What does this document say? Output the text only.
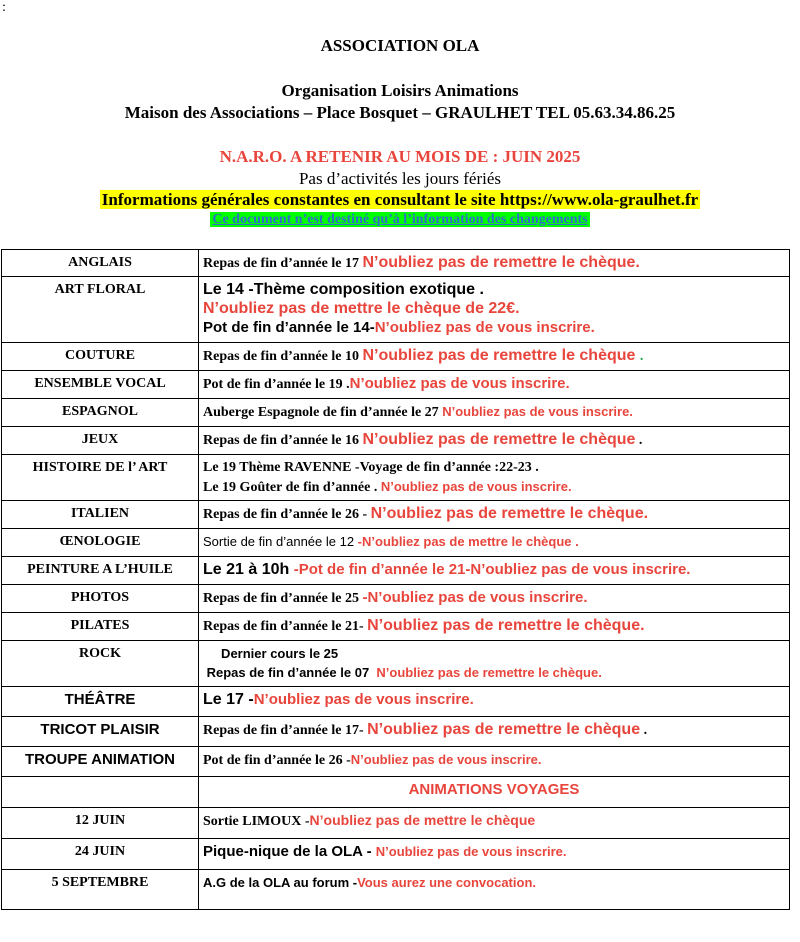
:
ASSOCIATION OLA
Organisation Loisirs Animations
Maison des Associations – Place Bosquet – GRAULHET TEL 05.63.34.86.25
N.A.R.O. A RETENIR AU MOIS DE : JUIN 2025
Pas d’activités les jours fériés
Informations générales constantes en consultant le site https://www.ola-graulhet.fr
Ce document n’est destiné qu’à l’information des changements
ANGLAIS	Repas de fin d’année le 17 N’oubliez pas de remettre le chèque.
ART FLORAL	Le 14 -Thème composition exotique .
N’oubliez pas de mettre le chèque de 22€.
Pot de fin d’année le 14-N’oubliez pas de vous inscrire.

COUTURE	Repas de fin d’année le 10 N’oubliez pas de remettre le chèque .
ENSEMBLE VOCAL	Pot de fin d’année le 19 .N’oubliez pas de vous inscrire.
ESPAGNOL	Auberge Espagnole de fin d’année le 27 N’oubliez pas de vous inscrire.
JEUX	Repas de fin d’année le 16 N’oubliez pas de remettre le chèque .
HISTOIRE DE l’ ART	Le 19 Thème RAVENNE -Voyage de fin d’année :22-23 .
Le 19 Goûter de fin d’année . N’oubliez pas de vous inscrire.

ITALIEN	Repas de fin d’année le 26 - N’oubliez pas de remettre le chèque.
ŒNOLOGIE	Sortie de fin d’année le 12 -N’oubliez pas de mettre le chèque .
PEINTURE A L’HUILE	Le 21 à 10h -Pot de fin d’année le 21-N’oubliez pas de vous inscrire.
PHOTOS	Repas de fin d’année le 25 -N’oubliez pas de vous inscrire.
PILATES	Repas de fin d’année le 21- N’oubliez pas de remettre le chèque.
ROCK	Dernier cours le 25
Repas de fin d’année le 07  N’oubliez pas de remettre le chèque.

THÉÂTRE	Le 17 -N’oubliez pas de vous inscrire.
TRICOT PLAISIR	Repas de fin d’année le 17- N’oubliez pas de remettre le chèque .
TROUPE ANIMATION	Pot de fin d’année le 26 -N’oubliez pas de vous inscrire.
	ANIMATIONS VOYAGES
12 JUIN	Sortie LIMOUX -N’oubliez pas de mettre le chèque
24 JUIN	Pique-nique de la OLA - N’oubliez pas de vous inscrire.
5 SEPTEMBRE	A.G de la OLA au forum -Vous aurez une convocation.
